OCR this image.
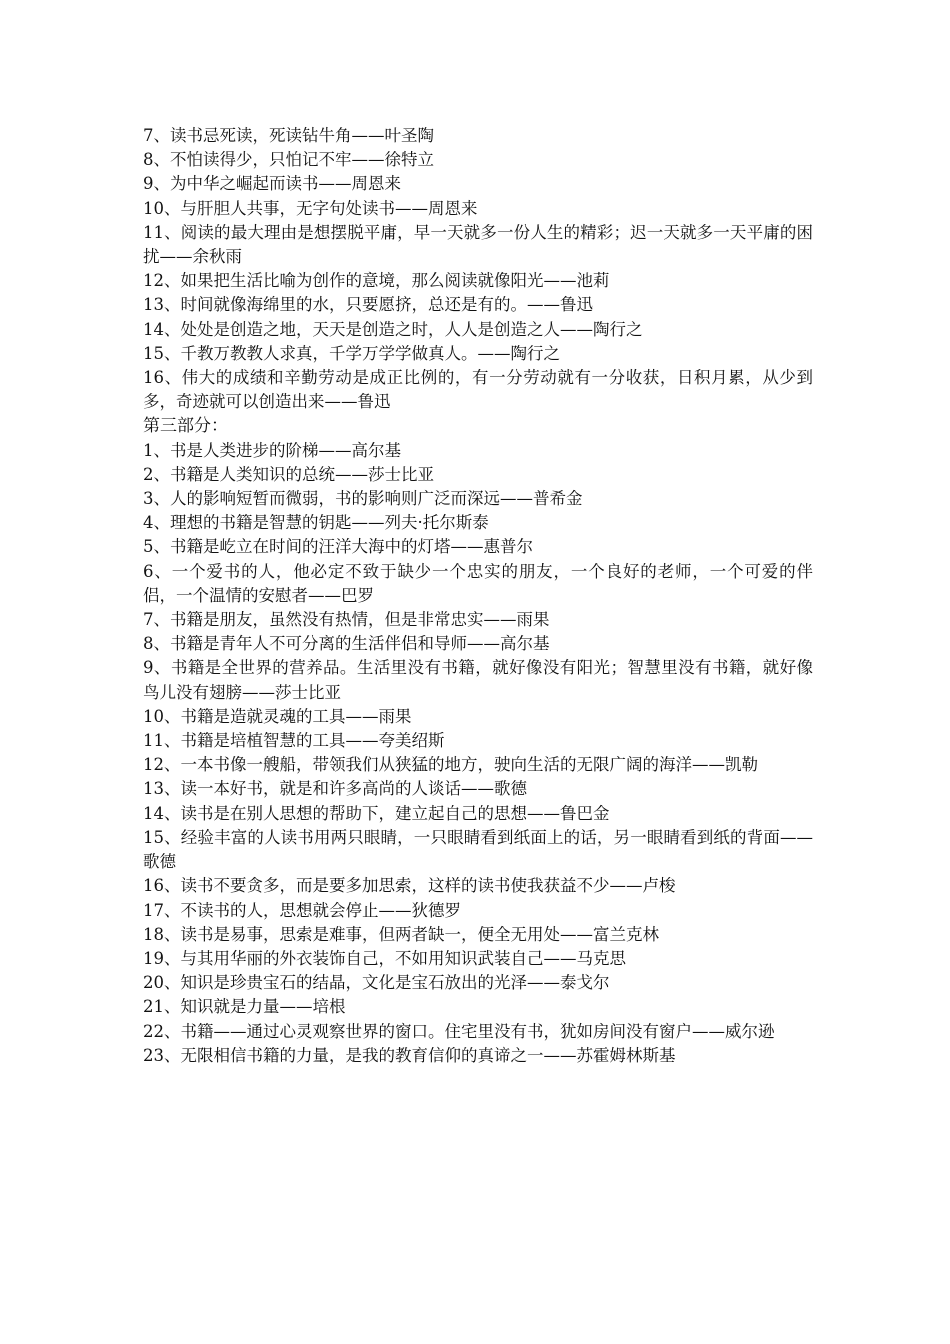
7、读书忌死读，死读钻牛角——叶圣陶
8、不怕读得少，只怕记不牢——徐特立
9、为中华之崛起而读书——周恩来
10、与肝胆人共事，无字句处读书——周恩来
11、阅读的最大理由是想摆脱平庸，早一天就多一份人生的精彩；迟一天就多一天平庸的困扰——余秋雨
12、如果把生活比喻为创作的意境，那么阅读就像阳光——池莉
13、时间就像海绵里的水，只要愿挤，总还是有的。——鲁迅
14、处处是创造之地，天天是创造之时，人人是创造之人——陶行之
15、千教万教教人求真，千学万学学做真人。——陶行之
16、伟大的成绩和辛勤劳动是成正比例的，有一分劳动就有一分收获，日积月累，从少到多，奇迹就可以创造出来——鲁迅
第三部分：
1、书是人类进步的阶梯——高尔基
2、书籍是人类知识的总统——莎士比亚
3、人的影响短暂而微弱，书的影响则广泛而深远——普希金
4、理想的书籍是智慧的钥匙——列夫·托尔斯泰
5、书籍是屹立在时间的汪洋大海中的灯塔——惠普尔
6、一个爱书的人，他必定不致于缺少一个忠实的朋友，一个良好的老师，一个可爱的伴侣，一个温情的安慰者——巴罗
7、书籍是朋友，虽然没有热情，但是非常忠实——雨果
8、书籍是青年人不可分离的生活伴侣和导师——高尔基
9、书籍是全世界的营养品。生活里没有书籍，就好像没有阳光；智慧里没有书籍，就好像鸟儿没有翅膀——莎士比亚
10、书籍是造就灵魂的工具——雨果
11、书籍是培植智慧的工具——夸美绍斯
12、一本书像一艘船，带领我们从狭猛的地方，驶向生活的无限广阔的海洋——凯勒
13、读一本好书，就是和许多高尚的人谈话——歌德
14、读书是在别人思想的帮助下，建立起自己的思想——鲁巴金
15、经验丰富的人读书用两只眼睛，一只眼睛看到纸面上的话，另一眼睛看到纸的背面——歌德
16、读书不要贪多，而是要多加思索，这样的读书使我获益不少——卢梭
17、不读书的人，思想就会停止——狄德罗
18、读书是易事，思索是难事，但两者缺一，便全无用处——富兰克林
19、与其用华丽的外衣装饰自己，不如用知识武装自己——马克思
20、知识是珍贵宝石的结晶，文化是宝石放出的光泽——泰戈尔
21、知识就是力量——培根
22、书籍——通过心灵观察世界的窗口。住宅里没有书，犹如房间没有窗户——威尔逊
23、无限相信书籍的力量，是我的教育信仰的真谛之一——苏霍姆林斯基
